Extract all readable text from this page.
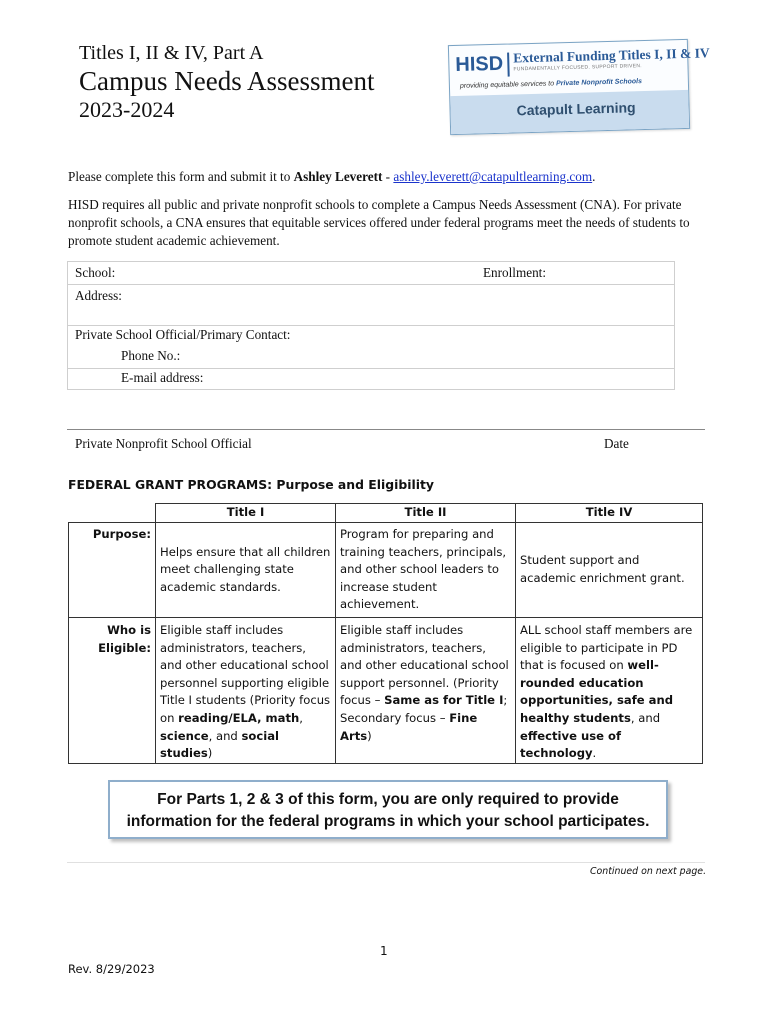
Titles I, II & IV, Part A
Campus Needs Assessment
2023-2024
HISD External Funding Titles I, II & IV
FUNDAMENTALLY FOCUSED. SUPPORT DRIVEN.
providing equitable services to Private Nonprofit Schools
Catapult Learning
Please complete this form and submit it to Ashley Leverett - ashley.leverett@catapultlearning.com.
HISD requires all public and private nonprofit schools to complete a Campus Needs Assessment (CNA). For private nonprofit schools, a CNA ensures that equitable services offered under federal programs meet the needs of students to promote student academic achievement.
School:	Enrollment:
Address:
Private School Official/Primary Contact:
Phone No.:
E-mail address:
Private Nonprofit School Official	Date
FEDERAL GRANT PROGRAMS: Purpose and Eligibility
	Title I	Title II	Title IV
Purpose:	Helps ensure that all children meet challenging state academic standards.	Program for preparing and training teachers, principals, and other school leaders to increase student achievement.	Student support and academic enrichment grant.
Who is
Eligible:	Eligible staff includes administrators, teachers, and other educational school personnel supporting eligible Title I students (Priority focus on reading/ELA, math, science, and social studies)	Eligible staff includes administrators, teachers, and other educational school support personnel. (Priority focus – Same as for Title I; Secondary focus – Fine Arts)	ALL school staff members are eligible to participate in PD that is focused on well-rounded education opportunities, safe and healthy students, and effective use of technology.
For Parts 1, 2 & 3 of this form, you are only required to provide
information for the federal programs in which your school participates.
Continued on next page.
1
Rev. 8/29/2023
